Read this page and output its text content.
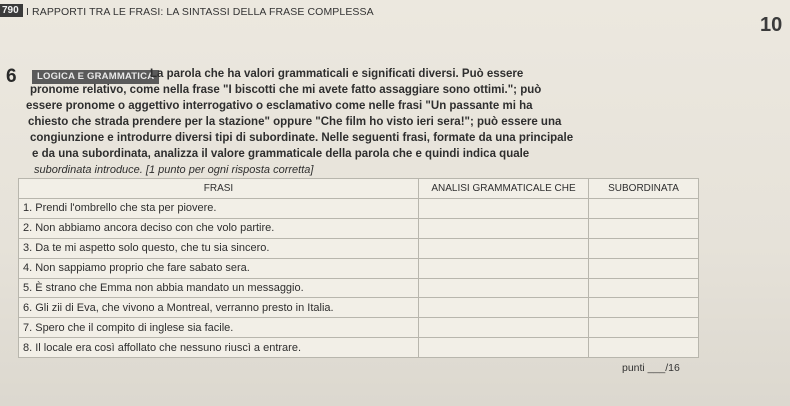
790 I RAPPORTI TRA LE FRASI: LA SINTASSI DELLA FRASE COMPLESSA
10
6	LOGICA E GRAMMATICA
La parola che ha valori grammaticali e significati diversi. Può essere
pronome relativo, come nella frase "I biscotti che mi avete fatto assaggiare sono ottimi."; può
essere pronome o aggettivo interrogativo o esclamativo come nelle frasi "Un passante mi ha
chiesto che strada prendere per la stazione" oppure "Che film ho visto ieri sera!"; può essere una
congiunzione e introdurre diversi tipi di subordinate. Nelle seguenti frasi, formate da una principale
e da una subordinata, analizza il valore grammaticale della parola che e quindi indica quale
subordinata introduce. [1 punto per ogni risposta corretta]
FRASI	ANALISI GRAMMATICALE CHE	SUBORDINATA
1. Prendi l'ombrello che sta per piovere.		
2. Non abbiamo ancora deciso con che volo partire.		
3. Da te mi aspetto solo questo, che tu sia sincero.		
4. Non sappiamo proprio che fare sabato sera.		
5. È strano che Emma non abbia mandato un messaggio.		
6. Gli zii di Eva, che vivono a Montreal, verranno presto in Italia.		
7. Spero che il compito di inglese sia facile.		
8. Il locale era così affollato che nessuno riuscì a entrare.		
punti ___/16
